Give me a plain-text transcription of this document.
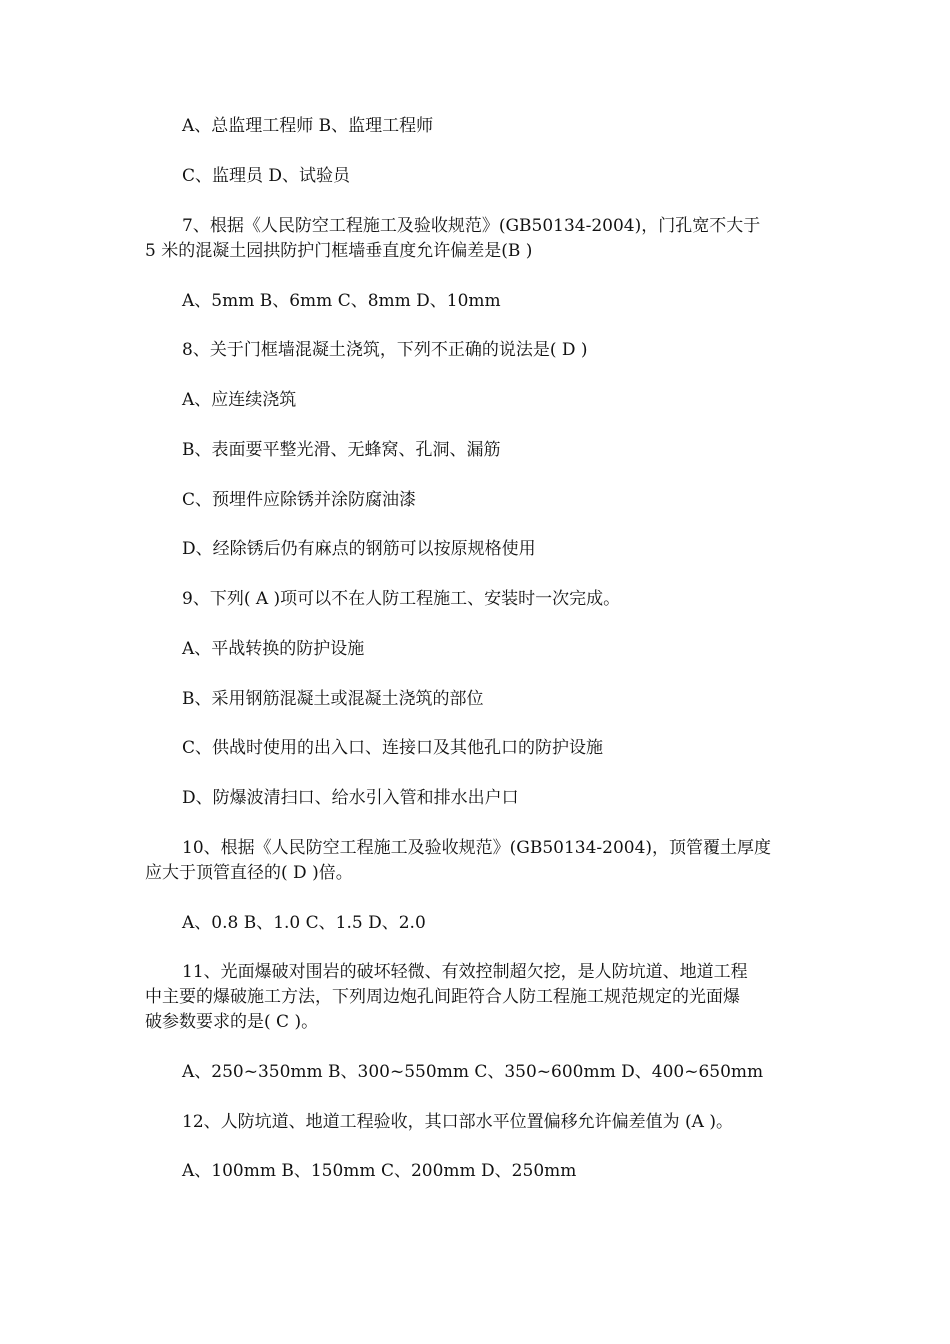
A、总监理工程师 B、监理工程师
C、监理员 D、试验员
7、根据《人民防空工程施工及验收规范》(GB50134-2004)，门孔宽不大于
5 米的混凝土园拱防护门框墙垂直度允许偏差是(B )
A、5mm B、6mm C、8mm D、10mm
8、关于门框墙混凝土浇筑，下列不正确的说法是( D )
A、应连续浇筑
B、表面要平整光滑、无蜂窝、孔洞、漏筋
C、预埋件应除锈并涂防腐油漆
D、经除锈后仍有麻点的钢筋可以按原规格使用
9、下列( A )项可以不在人防工程施工、安装时一次完成。
A、平战转换的防护设施
B、采用钢筋混凝土或混凝土浇筑的部位
C、供战时使用的出入口、连接口及其他孔口的防护设施
D、防爆波清扫口、给水引入管和排水出户口
10、根据《人民防空工程施工及验收规范》(GB50134-2004)，顶管覆土厚度
应大于顶管直径的( D )倍。
A、0.8 B、1.0 C、1.5 D、2.0
11、光面爆破对围岩的破坏轻微、有效控制超欠挖，是人防坑道、地道工程
中主要的爆破施工方法，下列周边炮孔间距符合人防工程施工规范规定的光面爆
破参数要求的是( C )。
A、250~350mm B、300~550mm C、350~600mm D、400~650mm
12、人防坑道、地道工程验收，其口部水平位置偏移允许偏差值为 (A )。
A、100mm B、150mm C、200mm D、250mm
